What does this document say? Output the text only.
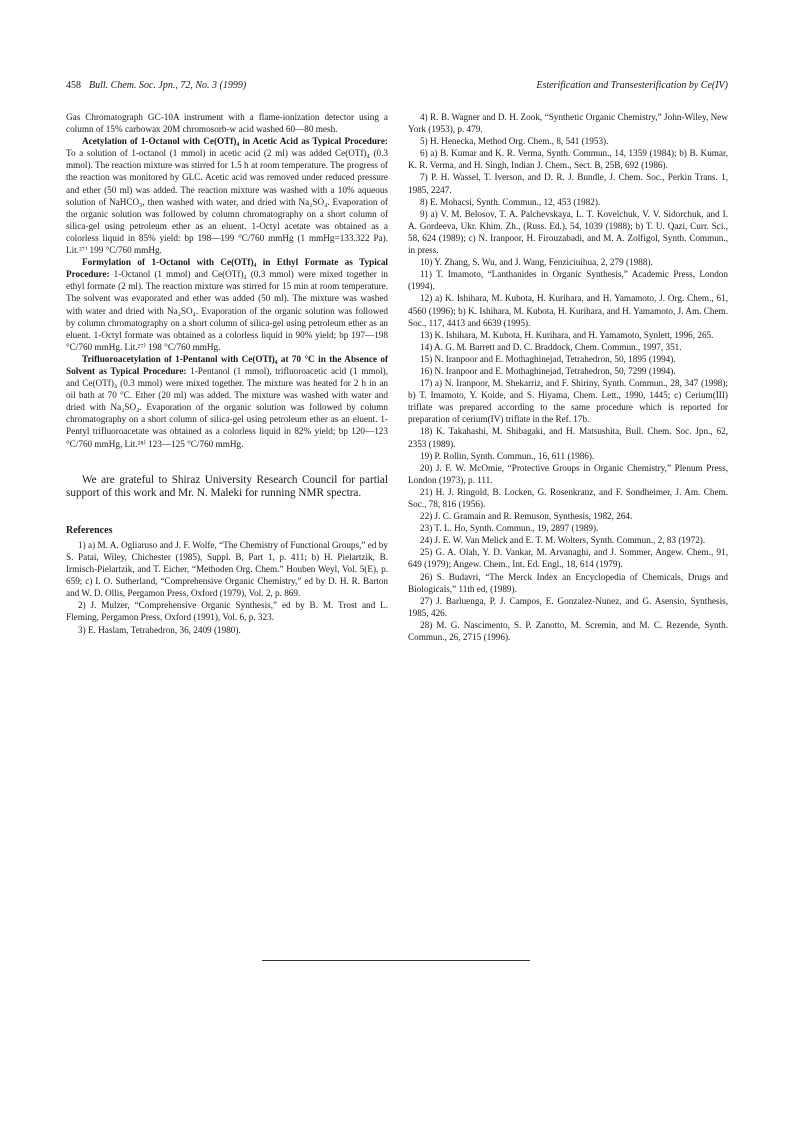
458 Bull. Chem. Soc. Jpn., 72, No. 3 (1999)	Esterification and Transesterification by Ce(IV)

Gas Chromatograph GC-10A instrument with a flame-ionization detector using a column of 15% carbowax 20M chromosorb-w acid washed 60—80 mesh.

Acetylation of 1-Octanol with Ce(OTf)₄ in Acetic Acid as Typical Procedure: To a solution of 1-octanol (1 mmol) in acetic acid (2 ml) was added Ce(OTf)₄ (0.3 mmol). The reaction mixture was stirred for 1.5 h at room temperature. The progress of the reaction was monitored by GLC. Acetic acid was removed under reduced pressure and ether (50 ml) was added. The reaction mixture was washed with a 10% aqueous solution of NaHCO₃, then washed with water, and dried with Na₂SO₄. Evaporation of the organic solution was followed by column chromatography on a short column of silica-gel using petroleum ether as an eluent. 1-Octyl acetate was obtained as a colorless liquid in 85% yield: bp 198—199 °C/760 mmHg (1 mmHg=133.322 Pa). Lit.²⁷⁾ 199 °C/760 mmHg.

Formylation of 1-Octanol with Ce(OTf)₄ in Ethyl Formate as Typical Procedure: 1-Octanol (1 mmol) and Ce(OTf)₄ (0.3 mmol) were mixed together in ethyl formate (2 ml). The reaction mixture was stirred for 15 min at room temperature. The solvent was evaporated and ether was added (50 ml). The mixture was washed with water and dried with Na₂SO₄. Evaporation of the organic solution was followed by column chromatography on a short column of silica-gel using petroleum ether as an eluent. 1-Octyl formate was obtained as a colorless liquid in 90% yield; bp 197—198 °C/760 mmHg. Lit.²⁷⁾ 198 °C/760 mmHg.

Trifluoroacetylation of 1-Pentanol with Ce(OTf)₄ at 70 °C in the Absence of Solvent as Typical Procedure: 1-Pentanol (1 mmol), trifluoroacetic acid (1 mmol), and Ce(OTf)₄ (0.3 mmol) were mixed together. The mixture was heated for 2 h in an oil bath at 70 °C. Ether (20 ml) was added. The mixture was washed with water and dried with Na₂SO₄. Evaporation of the organic solution was followed by column chromatography on a short column of silica-gel using petroleum ether as an eluent. 1-Pentyl trifluoroacetate was obtained as a colorless liquid in 82% yield; bp 120—123 °C/760 mmHg, Lit.²⁸⁾ 123—125 °C/760 mmHg.

We are grateful to Shiraz University Research Council for partial support of this work and Mr. N. Maleki for running NMR spectra.

References

1) a) M. A. Ogliaruso and J. F. Wolfe, “The Chemistry of Functional Groups,” ed by S. Patai, Wiley, Chichester (1985), Suppl. B, Part 1, p. 411; b) H. Pielartzik, B. Irmisch-Pielartzik, and T. Eicher, “Methoden Org. Chem.” Houben Weyl, Vol. 5(E), p. 659; c) I. O. Sutherland, “Comprehensive Organic Chemistry,” ed by D. H. R. Barton and W. D. Ollis, Pergamon Press, Oxford (1979), Vol. 2, p. 869.

2) J. Mulzer, “Comprehensive Organic Synthesis,” ed by B. M. Trost and L. Fleming, Pergamon Press, Oxford (1991), Vol. 6, p. 323.

3) E. Haslam, Tetrahedron, 36, 2409 (1980).

4) R. B. Wagner and D. H. Zook, “Synthetic Organic Chemistry,” John-Wiley, New York (1953), p. 479.

5) H. Henecka, Method Org. Chem., 8, 541 (1953).

6) a) B. Kumar and K. R. Verma, Synth. Commun., 14, 1359 (1984); b) B. Kumar, K. R. Verma, and H. Singh, Indian J. Chem., Sect. B, 25B, 692 (1986).

7) P. H. Wassel, T. Iverson, and D. R. J. Bundle, J. Chem. Soc., Perkin Trans. 1, 1985, 2247.

8) E. Mohacsi, Synth. Commun., 12, 453 (1982).

9) a) V. M. Belosov, T. A. Palchevskaya, L. T. Kovelchuk, V. V. Sidorchuk, and I. A. Gordeeva, Ukr. Khim. Zh., (Russ. Ed.), 54, 1039 (1988); b) T. U. Qazi, Curr. Sci., 58, 624 (1989); c) N. Iranpoor, H. Firouzabadi, and M. A. Zolfigol, Synth. Commun., in press.

10) Y. Zhang, S. Wu, and J. Wang, Fenziciuihua, 2, 279 (1988).

11) T. Imamoto, “Lanthanides in Organic Synthesis,” Academic Press, London (1994).

12) a) K. Ishihara, M. Kubota, H. Kurihara, and H. Yamamoto, J. Org. Chem., 61, 4560 (1996); b) K. Ishihara, M. Kubota, H. Kurihara, and H. Yamamoto, J. Am. Chem. Soc., 117, 4413 and 6639 (1995).

13) K. Ishihara, M. Kubota, H. Kurihara, and H. Yamamoto, Synlett, 1996, 265.

14) A. G. M. Barrett and D. C. Braddock, Chem. Commun., 1997, 351.

15) N. Iranpoor and E. Mothaghinejad, Tetrahedron, 50, 1895 (1994).

16) N. Iranpoor and E. Mothaghinejad, Tetrahedron, 50, 7299 (1994).

17) a) N. Iranpoor, M. Shekarriz, and F. Shiriny, Synth. Commun., 28, 347 (1998); b) T. Imamoto, Y. Koide, and S. Hiyama, Chem. Lett., 1990, 1445; c) Cerium(III) triflate was prepared according to the same procedure which is reported for preparation of cerium(IV) triflate in the Ref. 17b.

18) K. Takahashi, M. Shibagaki, and H. Matsushita, Bull. Chem. Soc. Jpn., 62, 2353 (1989).

19) P. Rollin, Synth. Commun., 16, 611 (1986).

20) J. F. W. McOmie, “Protective Groups in Organic Chemistry,” Plenum Press, London (1973), p. 111.

21) H. J. Ringold, B. Locken, G. Rosenkranz, and F. Sondheimer, J. Am. Chem. Soc., 78, 816 (1956).

22) J. C. Gramain and R. Remuson, Synthesis, 1982, 264.

23) T. L. Ho, Synth. Commun., 19, 2897 (1989).

24) J. E. W. Van Melick and E. T. M. Wolters, Synth. Commun., 2, 83 (1972).

25) G. A. Olah, Y. D. Vankar, M. Arvanaghi, and J. Sommer, Angew. Chem., 91, 649 (1979); Angew. Chem., Int. Ed. Engl., 18, 614 (1979).

26) S. Budavri, “The Merck Index an Encyclopedia of Chemicals, Drugs and Biologicals,” 11th ed, (1989).

27) J. Barluenga, P. J. Campos, E. Gonzalez-Nunez, and G. Asensio, Synthesis, 1985, 426.

28) M. G. Nascimento, S. P. Zanotto, M. Scremin, and M. C. Rezende, Synth. Commun., 26, 2715 (1996).
